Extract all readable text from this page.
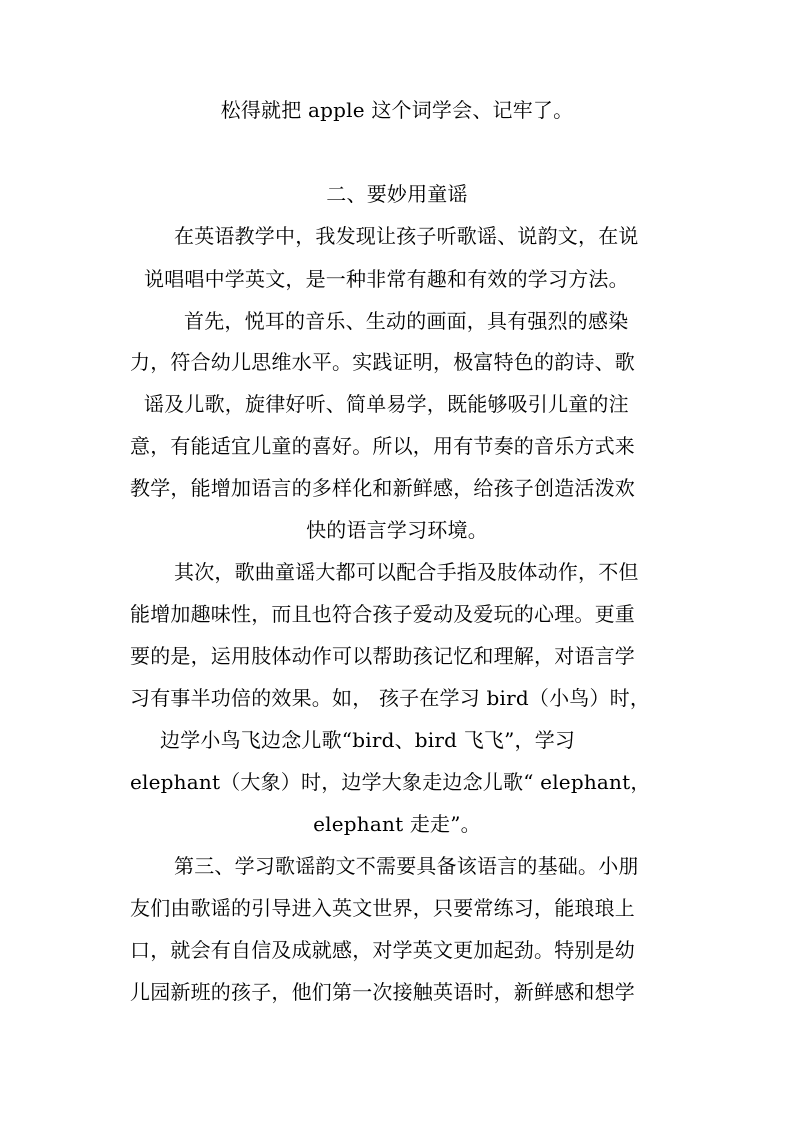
松得就把 apple 这个词学会、记牢了。
二、要妙用童谣
在英语教学中，我发现让孩子听歌谣、说韵文，在说
说唱唱中学英文，是一种非常有趣和有效的学习方法。
首先，悦耳的音乐、生动的画面，具有强烈的感染
力，符合幼儿思维水平。实践证明，极富特色的韵诗、歌
谣及儿歌，旋律好听、简单易学，既能够吸引儿童的注
意，有能适宜儿童的喜好。所以，用有节奏的音乐方式来
教学，能增加语言的多样化和新鲜感，给孩子创造活泼欢
快的语言学习环境。
其次，歌曲童谣大都可以配合手指及肢体动作，不但
能增加趣味性，而且也符合孩子爱动及爱玩的心理。更重
要的是，运用肢体动作可以帮助孩记忆和理解，对语言学
习有事半功倍的效果。如， 孩子在学习 bird（小鸟）时，
边学小鸟飞边念儿歌“bird、bird 飞飞”，学习
elephant（大象）时，边学大象走边念儿歌“ elephant，
elephant 走走”。
第三、学习歌谣韵文不需要具备该语言的基础。小朋
友们由歌谣的引导进入英文世界，只要常练习，能琅琅上
口，就会有自信及成就感，对学英文更加起劲。特别是幼
儿园新班的孩子，他们第一次接触英语时，新鲜感和想学
